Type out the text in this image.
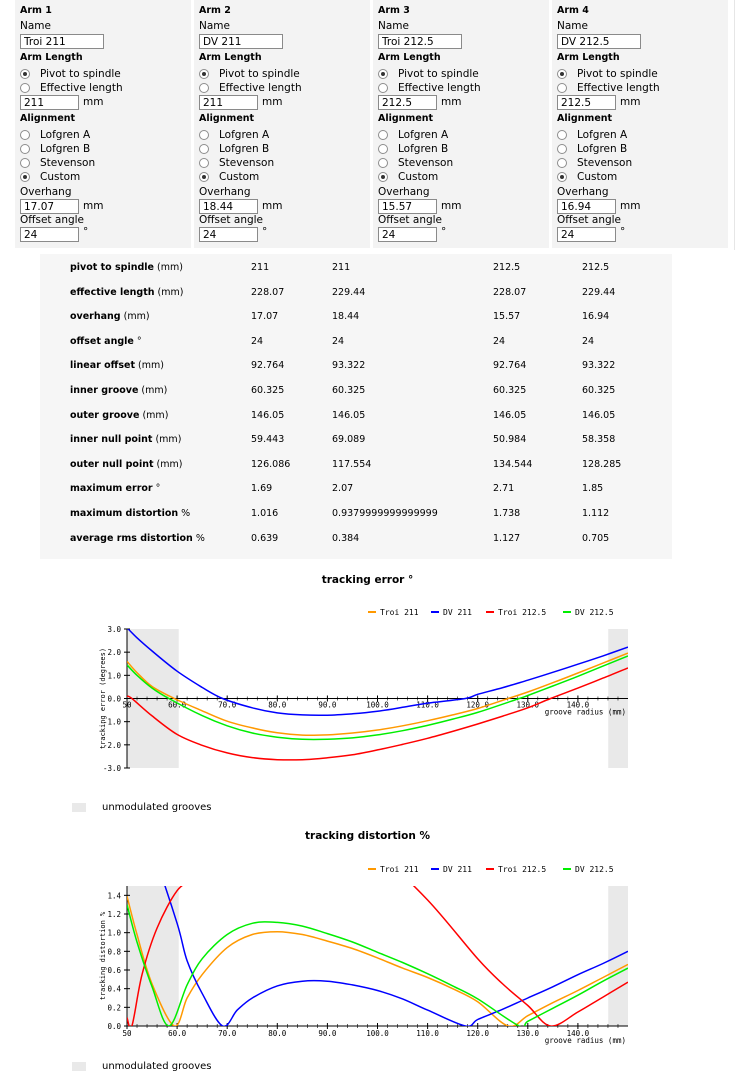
Arm 1
Name
Troi 211
Arm Length
Pivot to spindle
Effective length
211
mm
Alignment
Lofgren A
Lofgren B
Stevenson
Custom
Overhang
17.07
mm
Offset angle
24
°
Arm 2
Name
DV 211
Arm Length
Pivot to spindle
Effective length
211
mm
Alignment
Lofgren A
Lofgren B
Stevenson
Custom
Overhang
18.44
mm
Offset angle
24
°
Arm 3
Name
Troi 212.5
Arm Length
Pivot to spindle
Effective length
212.5
mm
Alignment
Lofgren A
Lofgren B
Stevenson
Custom
Overhang
15.57
mm
Offset angle
24
°
Arm 4
Name
DV 212.5
Arm Length
Pivot to spindle
Effective length
212.5
mm
Alignment
Lofgren A
Lofgren B
Stevenson
Custom
Overhang
16.94
mm
Offset angle
24
°
pivot to spindle (mm)	211	211	212.5	212.5
effective length (mm)	228.07	229.44	228.07	229.44
overhang (mm)	17.07	18.44	15.57	16.94
offset angle °	24	24	24	24
linear offset (mm)	92.764	93.322	92.764	93.322
inner groove (mm)	60.325	60.325	60.325	60.325
outer groove (mm)	146.05	146.05	146.05	146.05
inner null point (mm)	59.443	69.089	50.984	58.358
outer null point (mm)	126.086	117.554	134.544	128.285
maximum error °	1.69	2.07	2.71	1.85
maximum distortion %	1.016	0.9379999999999999	1.738	1.112
average rms distortion %	0.639	0.384	1.127	0.705
tracking error °
50	60.0	70.0	80.0	90.0	100.0	110.0	120.0	130.0	140.0
-3.0
-2.0
-1.0
0.0
1.0
2.0
3.0
groove radius (mm)
tracking error (degrees)
Troi 211	DV 211	Troi 212.5	DV 212.5
unmodulated grooves
tracking distortion %
50	60.0	70.0	80.0	90.0	100.0	110.0	120.0	130.0	140.0
0.0
0.2
0.4
0.6
0.8
1.0
1.2
1.4
groove radius (mm)
tracking distortion %
Troi 211	DV 211	Troi 212.5	DV 212.5
unmodulated grooves
